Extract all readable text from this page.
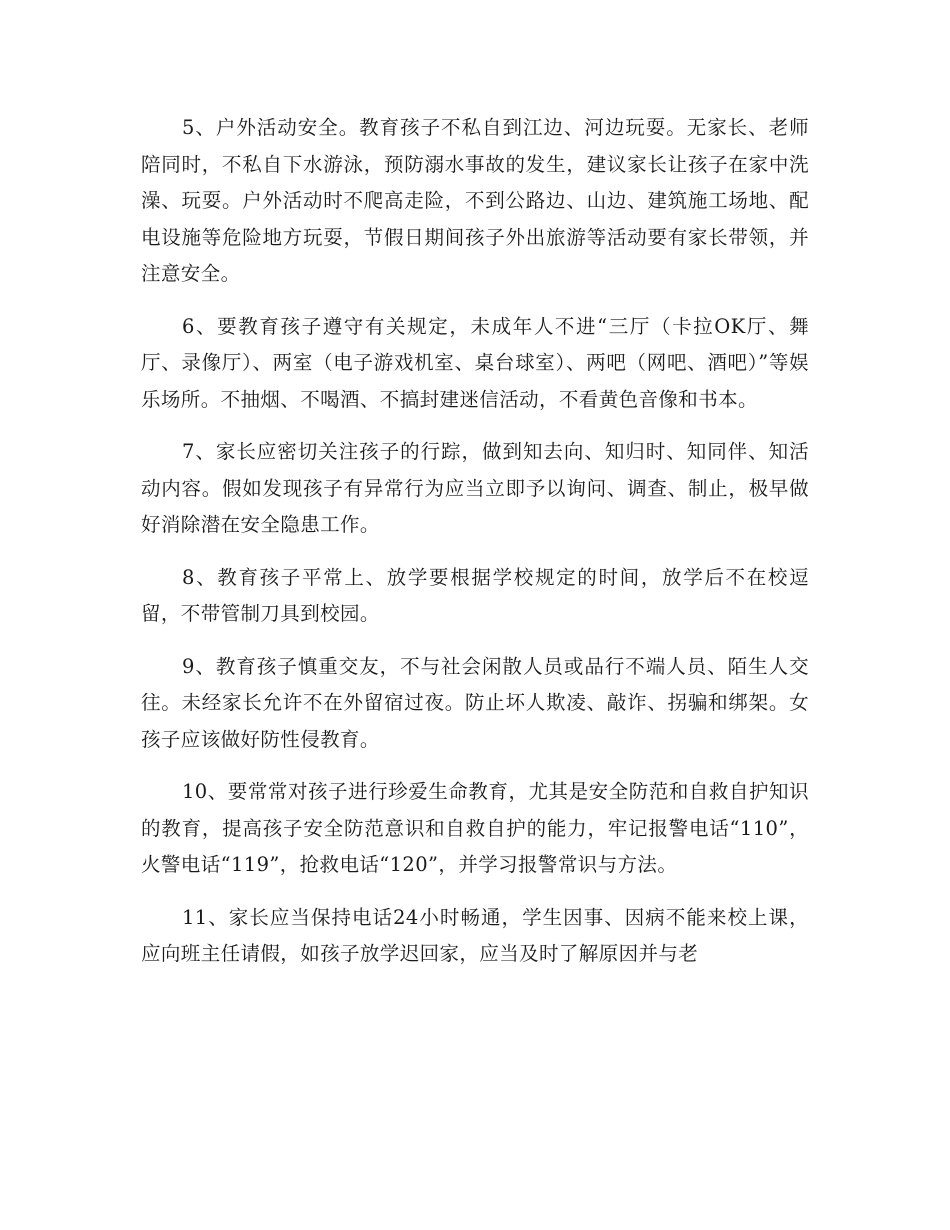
5、户外活动安全。教育孩子不私自到江边、河边玩耍。无家长、老师陪同时，不私自下水游泳，预防溺水事故的发生，建议家长让孩子在家中洗澡、玩耍。户外活动时不爬高走险，不到公路边、山边、建筑施工场地、配电设施等危险地方玩耍，节假日期间孩子外出旅游等活动要有家长带领，并注意安全。

6、要教育孩子遵守有关规定，未成年人不进“三厅（卡拉OK厅、舞厅、录像厅）、两室（电子游戏机室、桌台球室）、两吧（网吧、酒吧）”等娱乐场所。不抽烟、不喝酒、不搞封建迷信活动，不看黄色音像和书本。

7、家长应密切关注孩子的行踪，做到知去向、知归时、知同伴、知活动内容。假如发现孩子有异常行为应当立即予以询问、调查、制止，极早做好消除潜在安全隐患工作。

8、教育孩子平常上、放学要根据学校规定的时间，放学后不在校逗留，不带管制刀具到校园。

9、教育孩子慎重交友，不与社会闲散人员或品行不端人员、陌生人交往。未经家长允许不在外留宿过夜。防止坏人欺凌、敲诈、拐骗和绑架。女孩子应该做好防性侵教育。

10、要常常对孩子进行珍爱生命教育，尤其是安全防范和自救自护知识的教育，提高孩子安全防范意识和自救自护的能力，牢记报警电话“110”，火警电话“119”，抢救电话“120”，并学习报警常识与方法。

11、家长应当保持电话24小时畅通，学生因事、因病不能来校上课，应向班主任请假，如孩子放学迟回家，应当及时了解原因并与老
